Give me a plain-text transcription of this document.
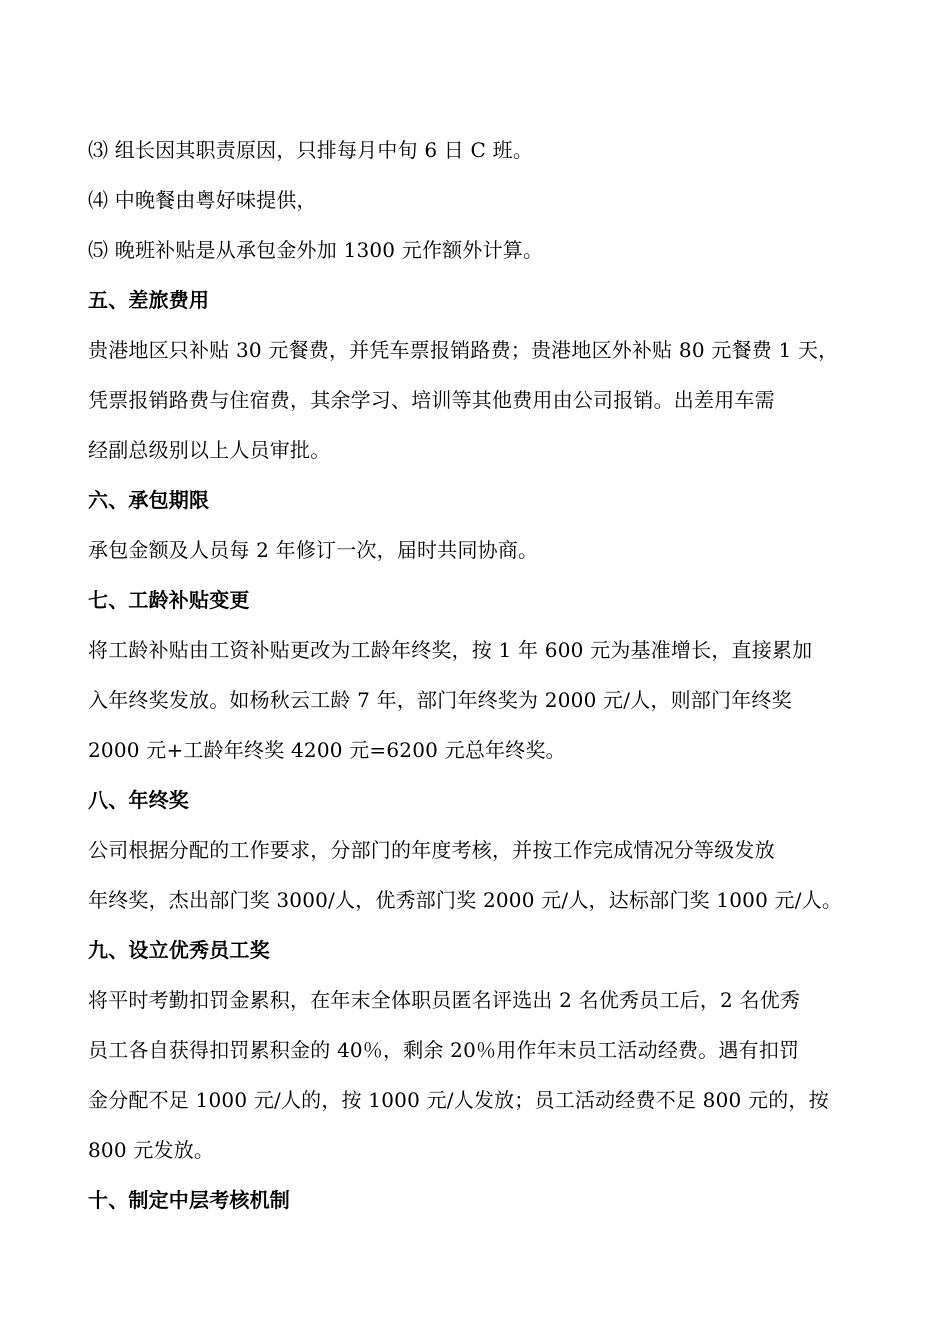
⑶ 组长因其职责原因，只排每月中旬 6 日 C 班。
⑷ 中晚餐由粤好味提供，
⑸ 晚班补贴是从承包金外加 1300 元作额外计算。
五、差旅费用
贵港地区只补贴 30 元餐费，并凭车票报销路费；贵港地区外补贴 80 元餐费 1 天，
凭票报销路费与住宿费，其余学习、培训等其他费用由公司报销。出差用车需
经副总级别以上人员审批。
六、承包期限
承包金额及人员每 2 年修订一次，届时共同协商。
七、工龄补贴变更
将工龄补贴由工资补贴更改为工龄年终奖，按 1 年 600 元为基准增长，直接累加
入年终奖发放。如杨秋云工龄 7 年，部门年终奖为 2000 元/人，则部门年终奖
2000 元+工龄年终奖 4200 元=6200 元总年终奖。
八、年终奖
公司根据分配的工作要求，分部门的年度考核，并按工作完成情况分等级发放
年终奖，杰出部门奖 3000/人，优秀部门奖 2000 元/人，达标部门奖 1000 元/人。
九、设立优秀员工奖
将平时考勤扣罚金累积，在年末全体职员匿名评选出 2 名优秀员工后，2 名优秀
员工各自获得扣罚累积金的 40％，剩余 20％用作年末员工活动经费。遇有扣罚
金分配不足 1000 元/人的，按 1000 元/人发放；员工活动经费不足 800 元的，按
800 元发放。
十、制定中层考核机制
